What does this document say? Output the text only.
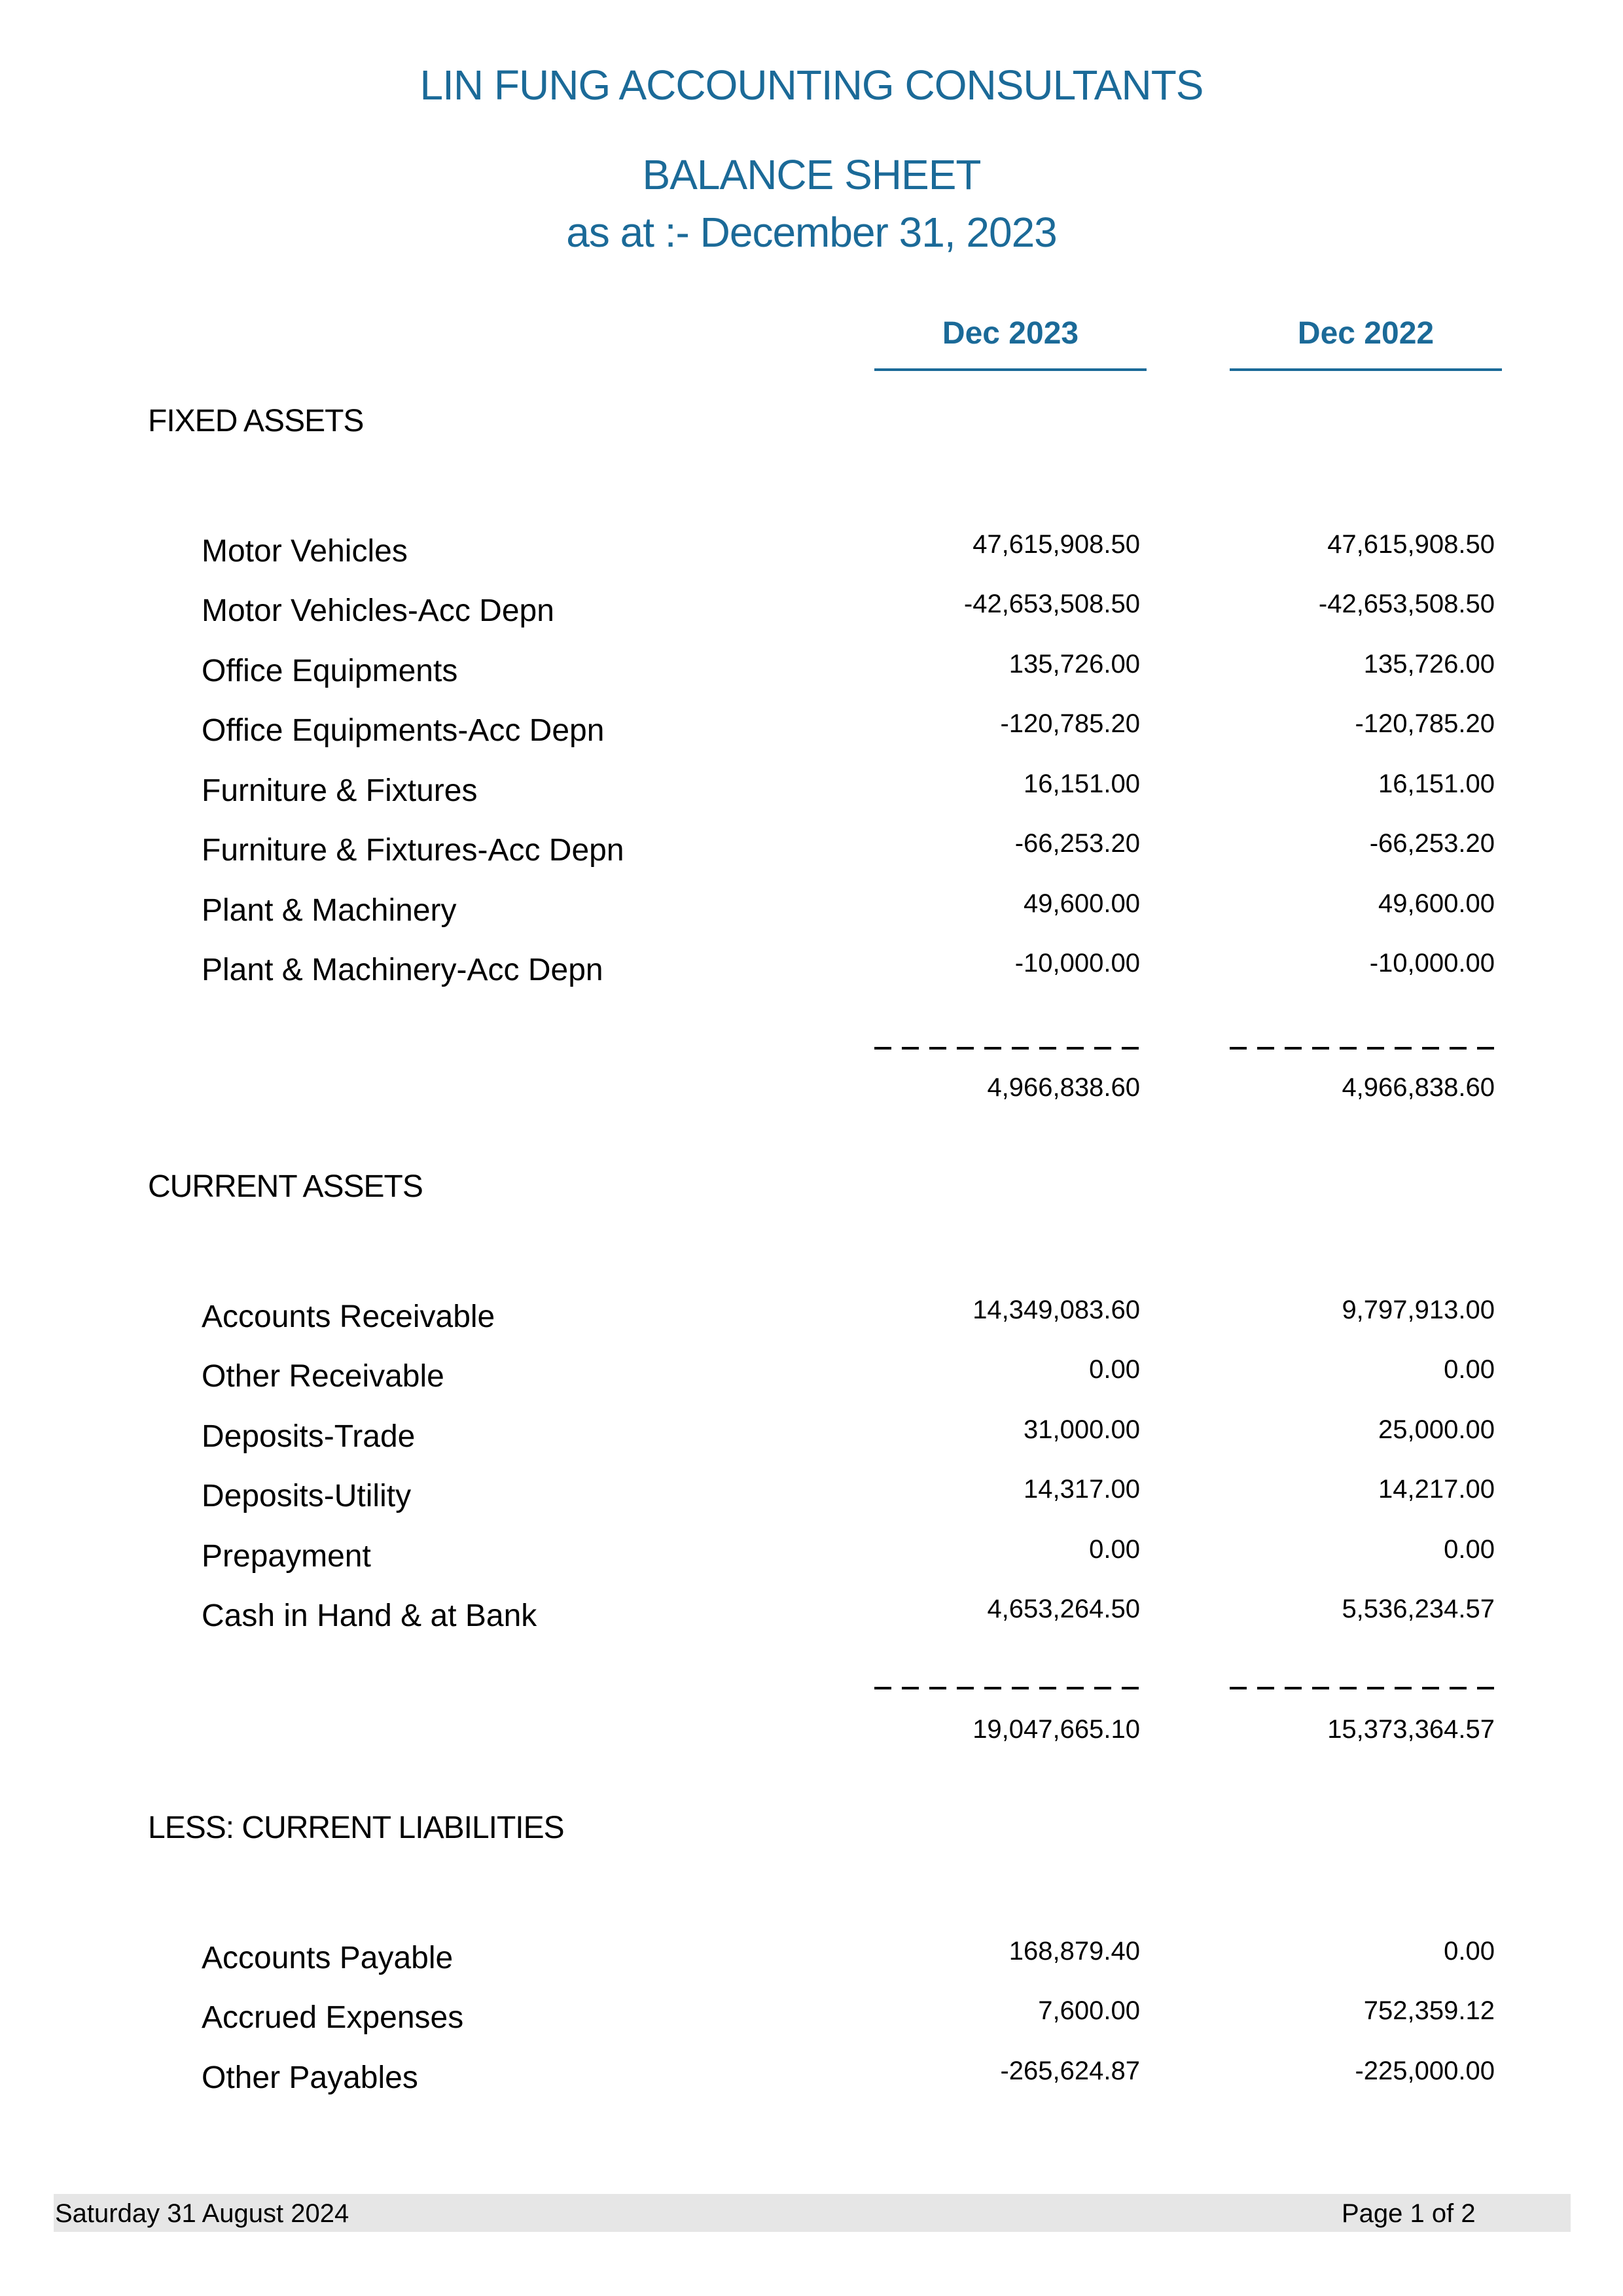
LIN FUNG ACCOUNTING CONSULTANTS
BALANCE SHEET
as at :- December 31, 2023
Dec 2023	Dec 2022
FIXED ASSETS
Motor Vehicles	47,615,908.50	47,615,908.50
Motor Vehicles-Acc Depn	-42,653,508.50	-42,653,508.50
Office Equipments	135,726.00	135,726.00
Office Equipments-Acc Depn	-120,785.20	-120,785.20
Furniture & Fixtures	16,151.00	16,151.00
Furniture & Fixtures-Acc Depn	-66,253.20	-66,253.20
Plant & Machinery	49,600.00	49,600.00
Plant & Machinery-Acc Depn	-10,000.00	-10,000.00
4,966,838.60	4,966,838.60
CURRENT ASSETS
Accounts Receivable	14,349,083.60	9,797,913.00
Other Receivable	0.00	0.00
Deposits-Trade	31,000.00	25,000.00
Deposits-Utility	14,317.00	14,217.00
Prepayment	0.00	0.00
Cash in Hand & at Bank	4,653,264.50	5,536,234.57
19,047,665.10	15,373,364.57
LESS: CURRENT LIABILITIES
Accounts Payable	168,879.40	0.00
Accrued Expenses	7,600.00	752,359.12
Other Payables	-265,624.87	-225,000.00
Saturday 31 August 2024	Page 1 of 2
